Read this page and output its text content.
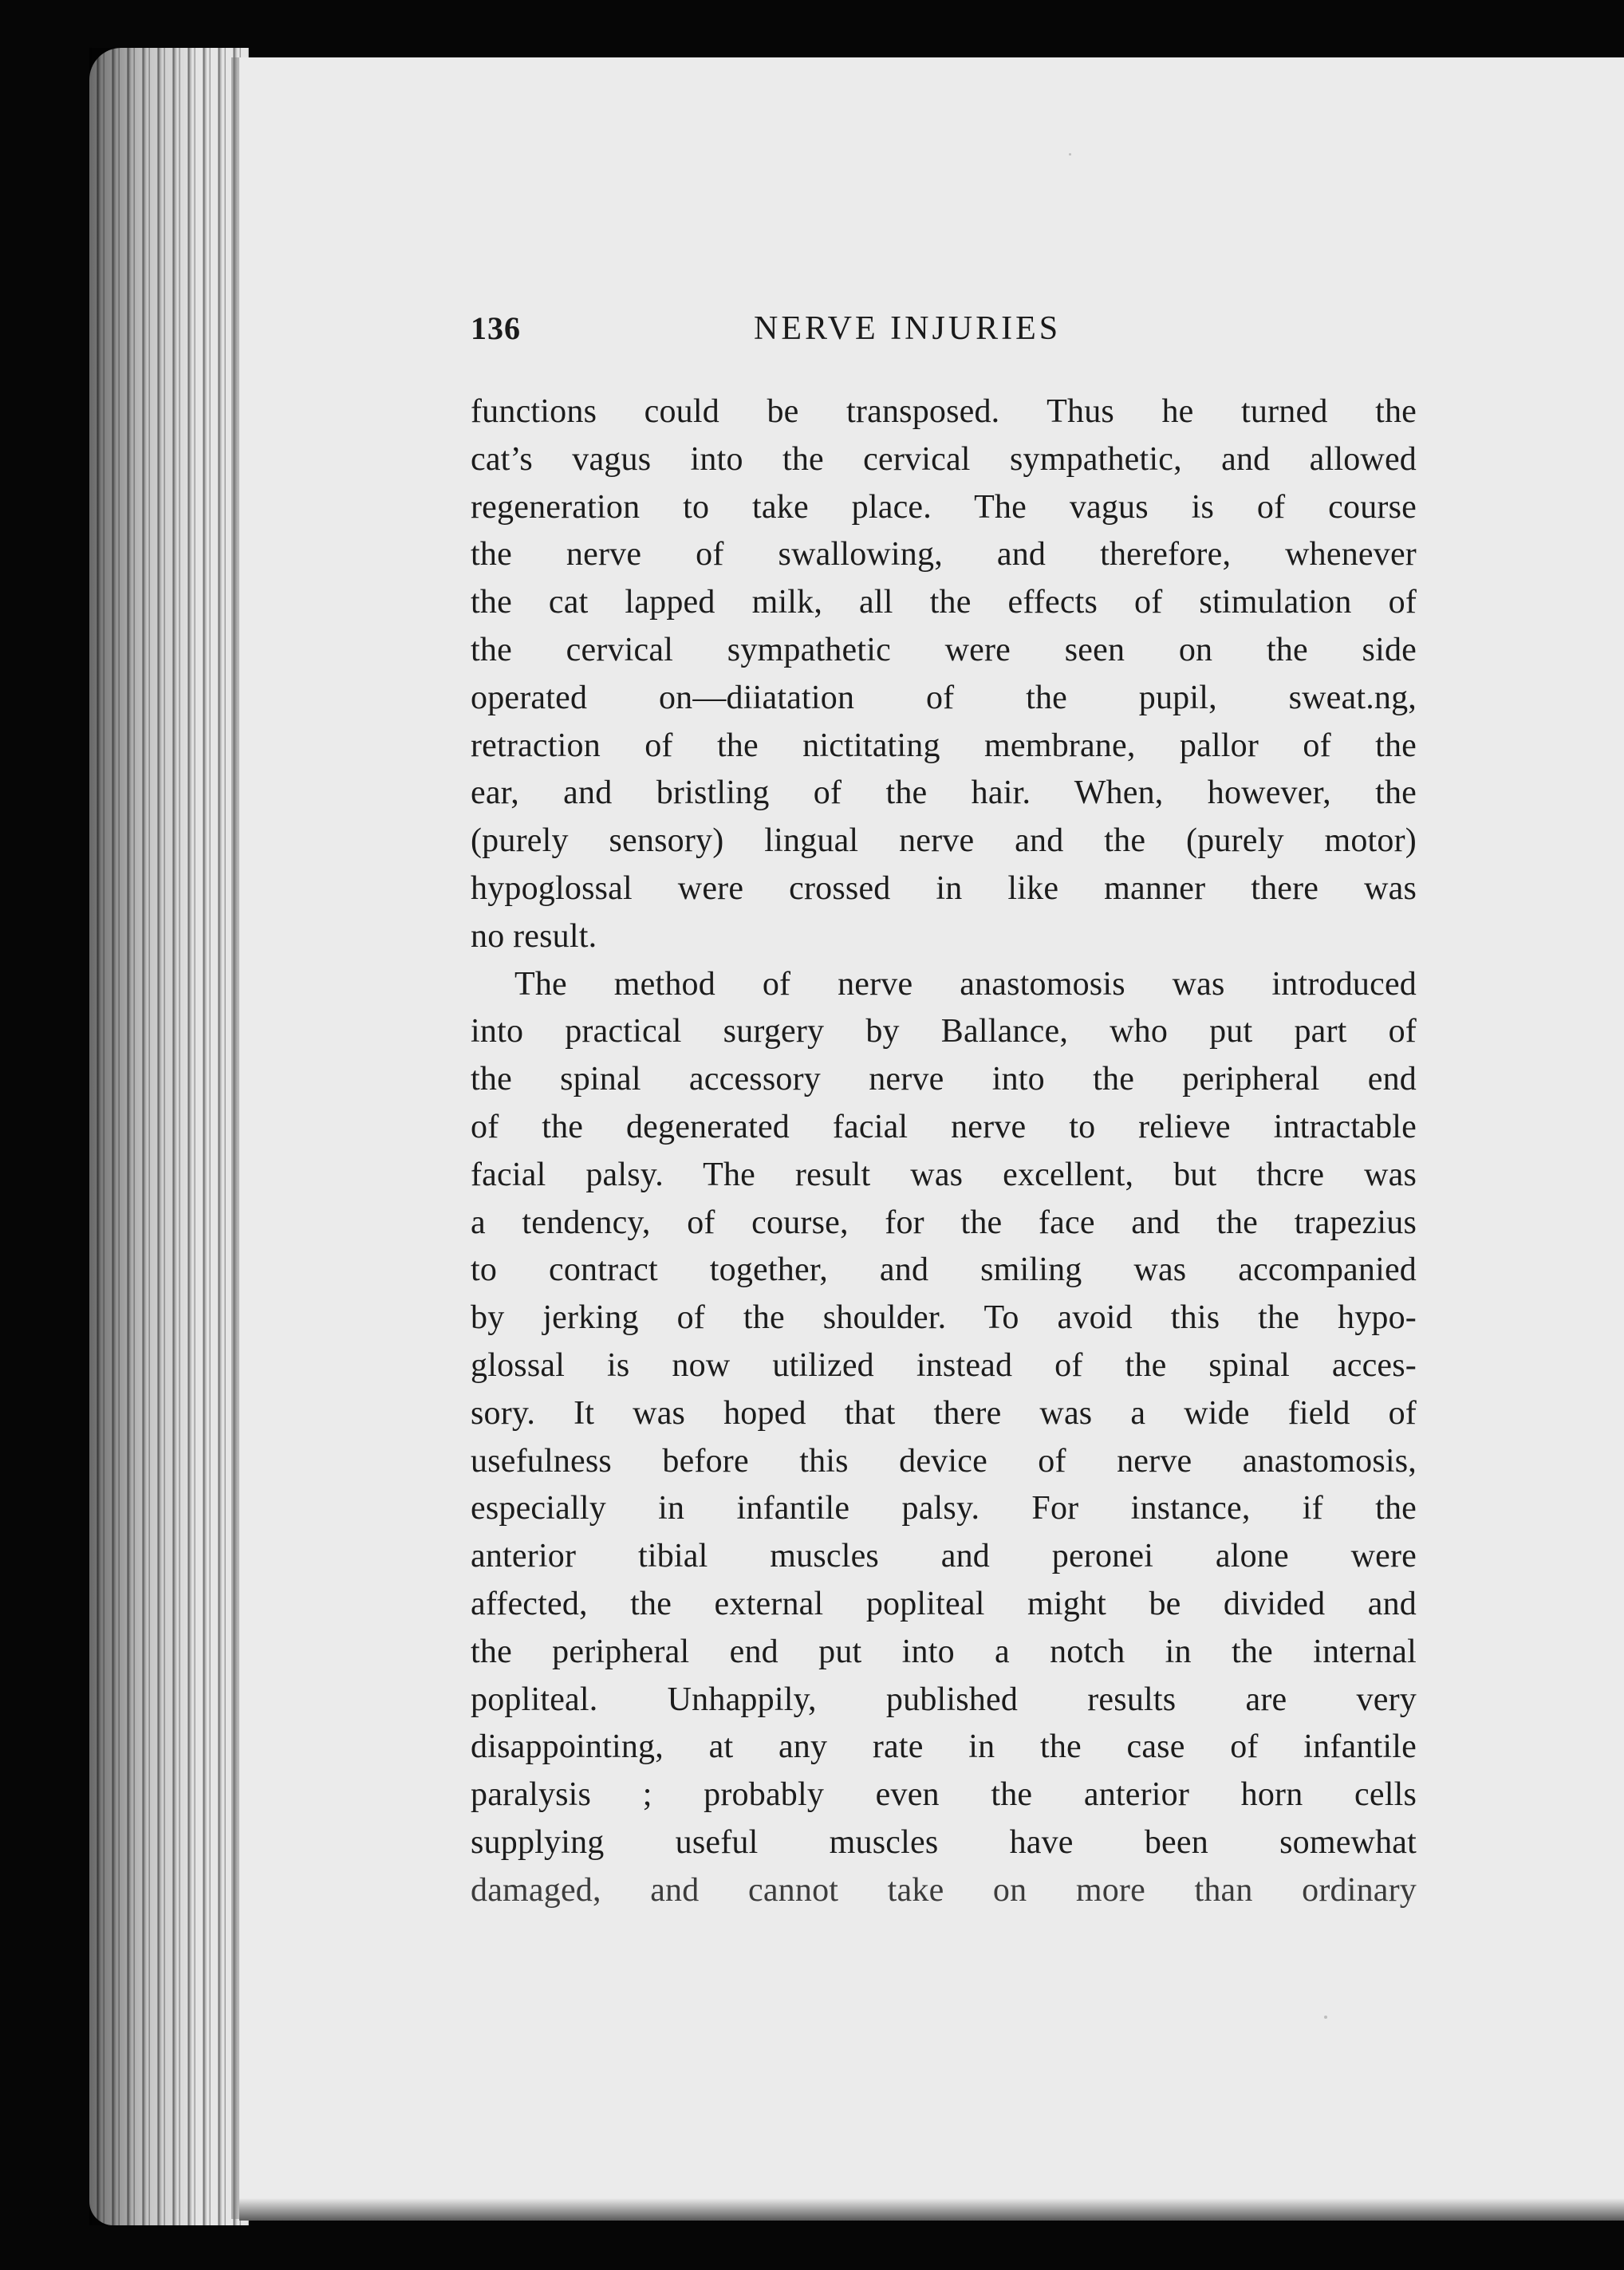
136	NERVE INJURIES
functions could be transposed. Thus he turned the
cat’s vagus into the cervical sympathetic, and allowed
regeneration to take place. The vagus is of course
the nerve of swallowing, and therefore, whenever
the cat lapped milk, all the effects of stimulation of
the cervical sympathetic were seen on the side
operated on—diiatation of the pupil, sweat.ng,
retraction of the nictitating membrane, pallor of the
ear, and bristling of the hair. When, however, the
(purely sensory) lingual nerve and the (purely motor)
hypoglossal were crossed in like manner there was
no result.
The method of nerve anastomosis was introduced
into practical surgery by Ballance, who put part of
the spinal accessory nerve into the peripheral end
of the degenerated facial nerve to relieve intractable
facial palsy. The result was excellent, but thcre was
a tendency, of course, for the face and the trapezius
to contract together, and smiling was accompanied
by jerking of the shoulder. To avoid this the hypo-
glossal is now utilized instead of the spinal acces-
sory. It was hoped that there was a wide field of
usefulness before this device of nerve anastomosis,
especially in infantile palsy. For instance, if the
anterior tibial muscles and peronei alone were
affected, the external popliteal might be divided and
the peripheral end put into a notch in the internal
popliteal. Unhappily, published results are very
disappointing, at any rate in the case of infantile
paralysis ; probably even the anterior horn cells
supplying useful muscles have been somewhat
damaged, and cannot take on more than ordinary
